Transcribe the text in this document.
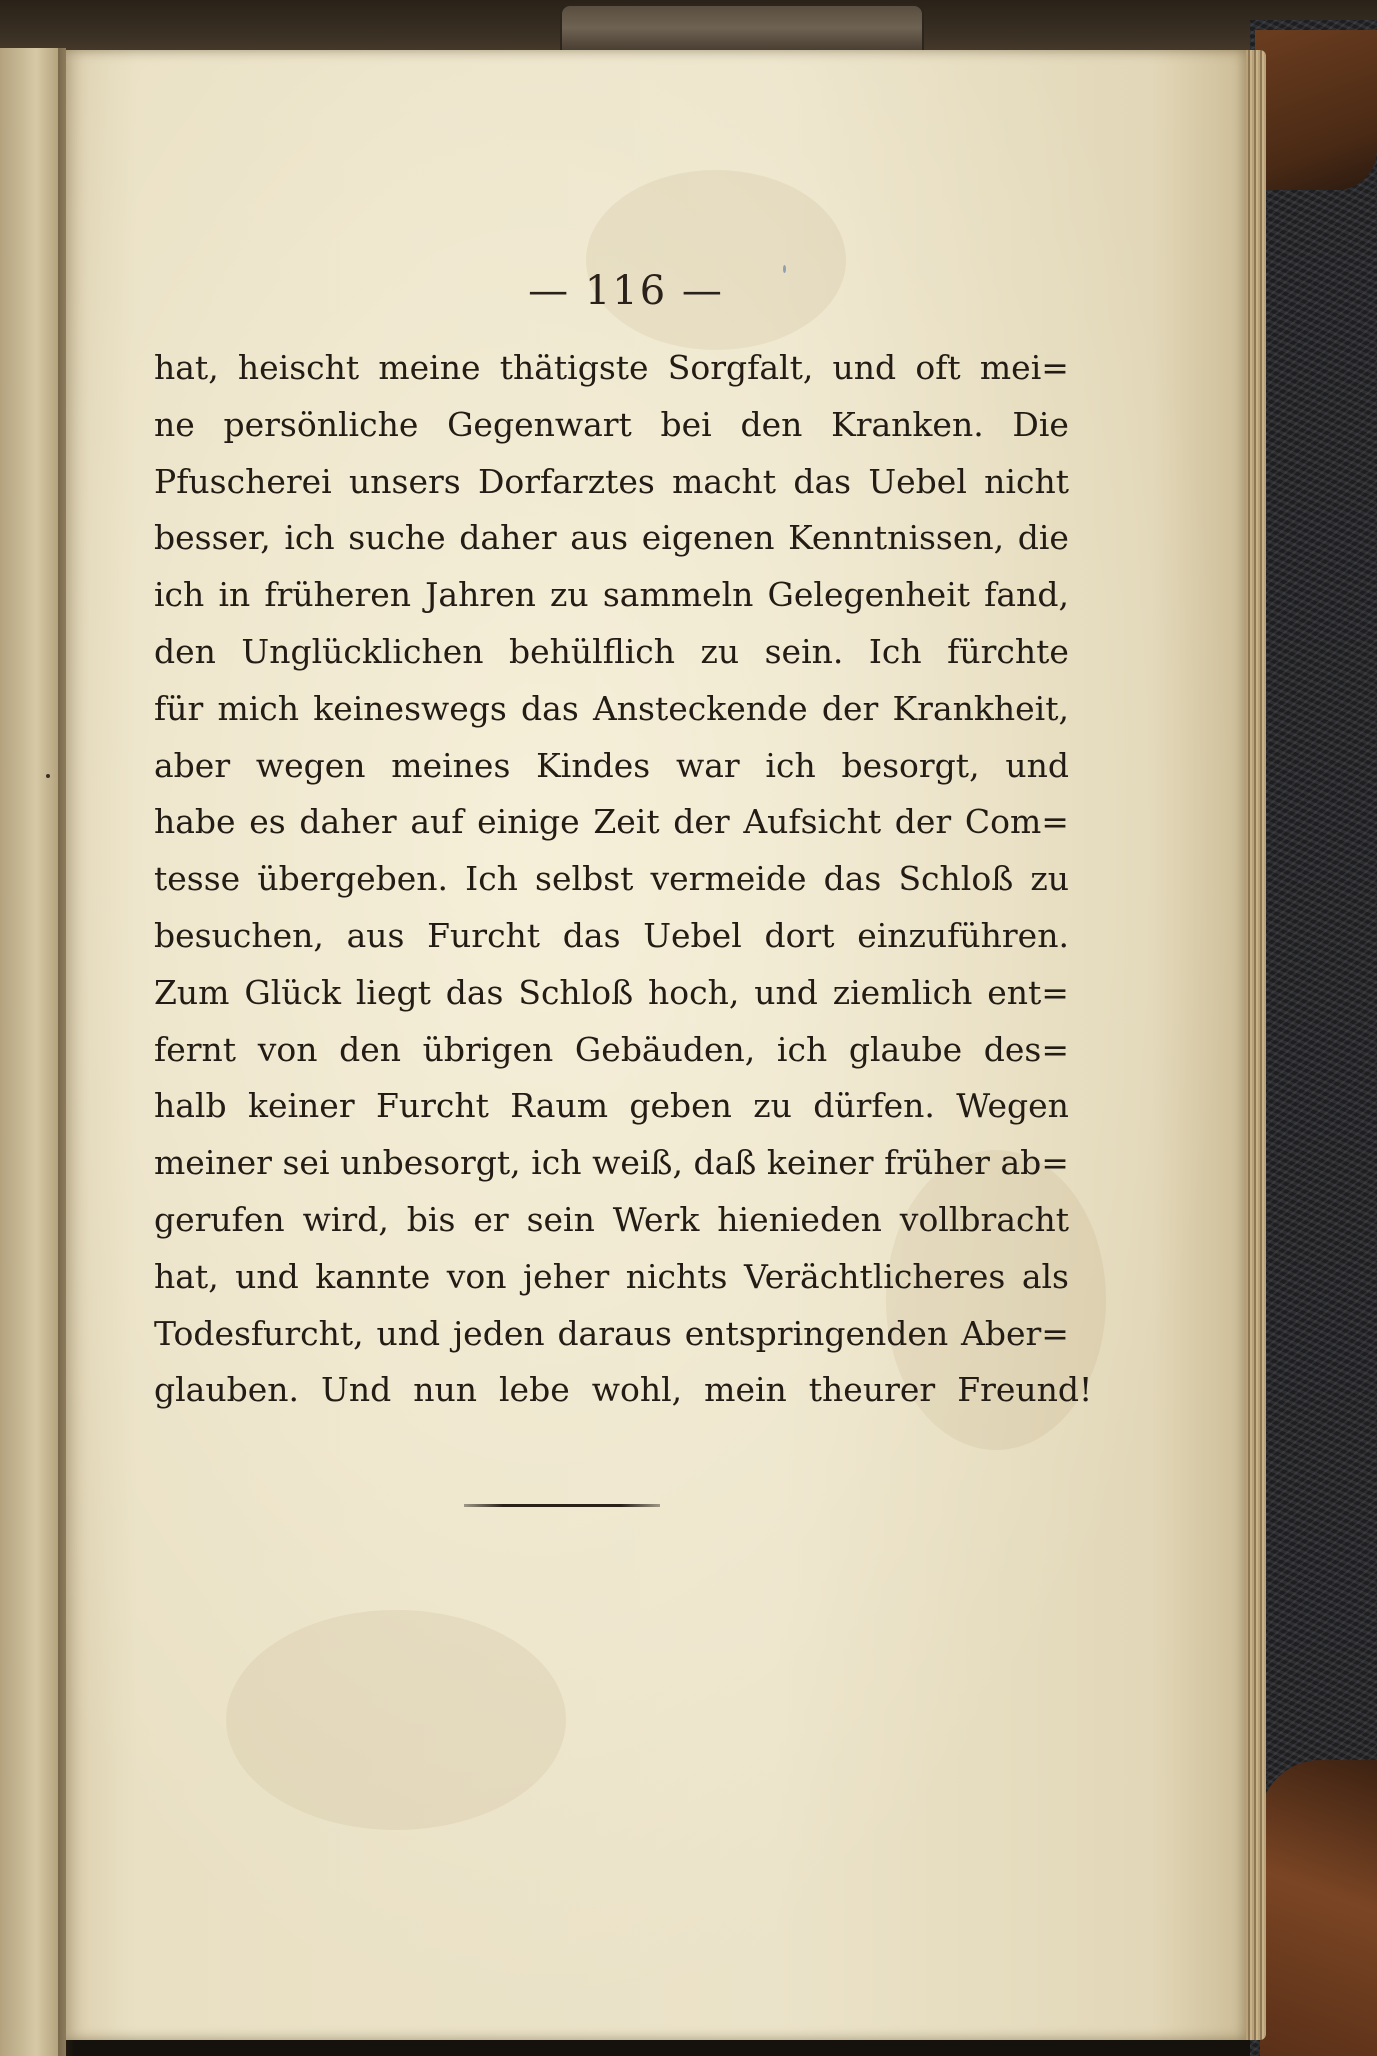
— 116 —
hat, heischt meine thätigste Sorgfalt, und oft mei=
ne persönliche Gegenwart bei den Kranken. Die
Pfuscherei unsers Dorfarztes macht das Uebel nicht
besser, ich suche daher aus eigenen Kenntnissen, die
ich in früheren Jahren zu sammeln Gelegenheit fand,
den Unglücklichen behülflich zu sein. Ich fürchte
für mich keineswegs das Ansteckende der Krankheit,
aber wegen meines Kindes war ich besorgt, und
habe es daher auf einige Zeit der Aufsicht der Com=
tesse übergeben. Ich selbst vermeide das Schloß zu
besuchen, aus Furcht das Uebel dort einzuführen.
Zum Glück liegt das Schloß hoch, und ziemlich ent=
fernt von den übrigen Gebäuden, ich glaube des=
halb keiner Furcht Raum geben zu dürfen. Wegen
meiner sei unbesorgt, ich weiß, daß keiner früher ab=
gerufen wird, bis er sein Werk hienieden vollbracht
hat, und kannte von jeher nichts Verächtlicheres als
Todesfurcht, und jeden daraus entspringenden Aber=
glauben. Und nun lebe wohl, mein theurer Freund!
